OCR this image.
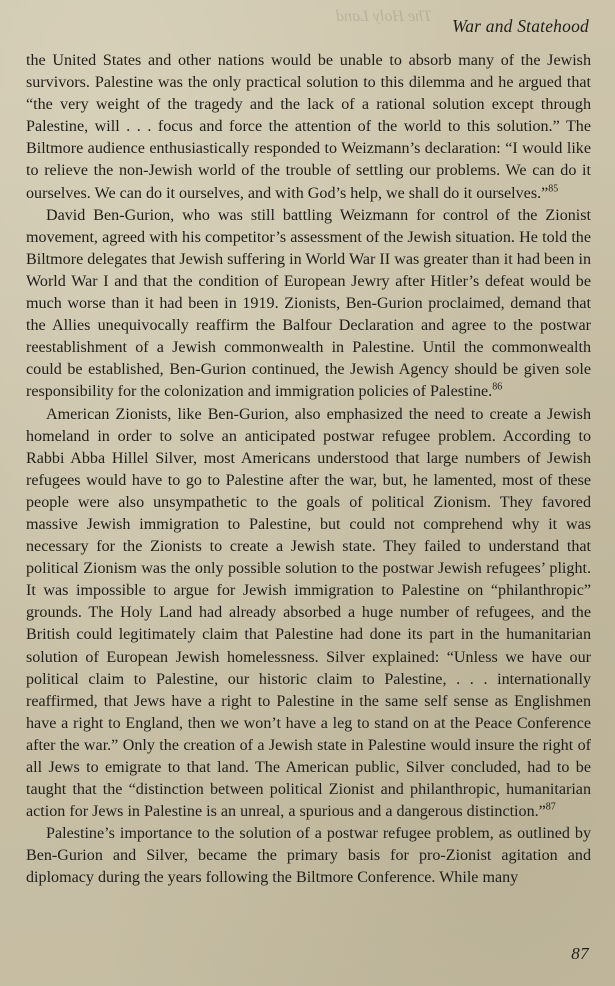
The Holy Land	War and Statehood

the United States and other nations would be unable to absorb many of the Jewish survivors. Palestine was the only practical solution to this dilemma and he argued that “the very weight of the tragedy and the lack of a rational solution except through Palestine, will . . . focus and force the attention of the world to this solution.” The Biltmore audience enthusiastically responded to Weizmann’s declaration: “I would like to relieve the non-Jewish world of the trouble of settling our problems. We can do it ourselves. We can do it ourselves, and with God’s help, we shall do it ourselves.”$^{85}$

David Ben-Gurion, who was still battling Weizmann for control of the Zionist movement, agreed with his competitor’s assessment of the Jewish situation. He told the Biltmore delegates that Jewish suffering in World War II was greater than it had been in World War I and that the condition of European Jewry after Hitler’s defeat would be much worse than it had been in 1919. Zionists, Ben-Gurion proclaimed, demand that the Allies unequivocally reaffirm the Balfour Declaration and agree to the postwar reestablishment of a Jewish commonwealth in Palestine. Until the commonwealth could be established, Ben-Gurion continued, the Jewish Agency should be given sole responsibility for the colonization and immigration policies of Palestine.$^{86}$

American Zionists, like Ben-Gurion, also emphasized the need to create a Jewish homeland in order to solve an anticipated postwar refugee problem. According to Rabbi Abba Hillel Silver, most Americans understood that large numbers of Jewish refugees would have to go to Palestine after the war, but, he lamented, most of these people were also unsympathetic to the goals of political Zionism. They favored massive Jewish immigration to Palestine, but could not comprehend why it was necessary for the Zionists to create a Jewish state. They failed to understand that political Zionism was the only possible solution to the postwar Jewish refugees’ plight. It was impossible to argue for Jewish immigration to Palestine on “philanthropic” grounds. The Holy Land had already absorbed a huge number of refugees, and the British could legitimately claim that Palestine had done its part in the humanitarian solution of European Jewish homelessness. Silver explained: “Unless we have our political claim to Palestine, our historic claim to Palestine, . . . internationally reaffirmed, that Jews have a right to Palestine in the same self sense as Englishmen have a right to England, then we won’t have a leg to stand on at the Peace Conference after the war.” Only the creation of a Jewish state in Palestine would insure the right of all Jews to emigrate to that land. The American public, Silver concluded, had to be taught that the “distinction between political Zionist and philanthropic, humanitarian action for Jews in Palestine is an unreal, a spurious and a dangerous distinction.”$^{87}$

Palestine’s importance to the solution of a postwar refugee problem, as outlined by Ben-Gurion and Silver, became the primary basis for pro-Zionist agitation and diplomacy during the years following the Biltmore Conference. While many

87
